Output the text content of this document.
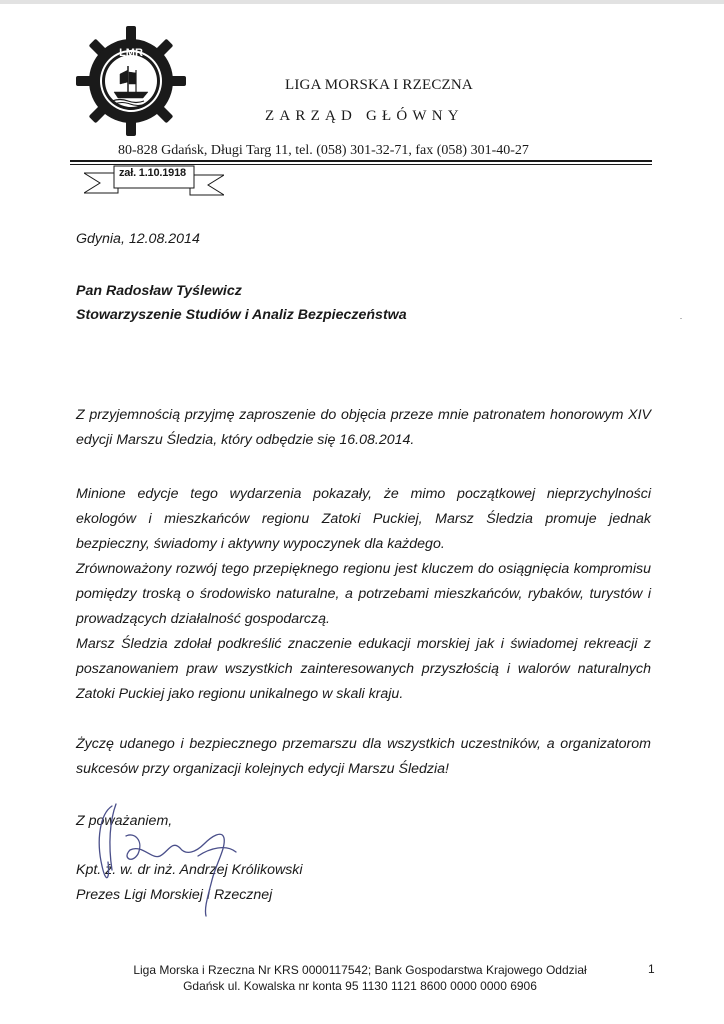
LMR
LIGA MORSKA I RZECZNA
ZARZĄD GŁÓWNY
80-828 Gdańsk, Długi Targ 11, tel. (058) 301-32-71, fax (058) 301-40-27
zał. 1.10.1918
Gdynia, 12.08.2014
Pan Radosław Tyślewicz
Stowarzyszenie Studiów i Analiz Bezpieczeństwa

Z przyjemnością przyjmę zaproszenie do objęcia przeze mnie patronatem honorowym XIV edycji Marszu Śledzia, który odbędzie się 16.08.2014.

Minione edycje tego wydarzenia pokazały, że mimo początkowej nieprzychylności ekologów i mieszkańców regionu Zatoki Puckiej, Marsz Śledzia promuje jednak bezpieczny, świadomy i aktywny wypoczynek dla każdego.

Zrównoważony rozwój tego przepięknego regionu jest kluczem do osiągnięcia kompromisu pomiędzy troską o środowisko naturalne, a potrzebami mieszkańców, rybaków, turystów i prowadzących działalność gospodarczą.

Marsz Śledzia zdołał podkreślić znaczenie edukacji morskiej jak i świadomej rekreacji z poszanowaniem praw wszystkich zainteresowanych przyszłością i walorów naturalnych Zatoki Puckiej jako regionu unikalnego w skali kraju.

Życzę udanego i bezpiecznego przemarszu dla wszystkich uczestników, a organizatorom sukcesów przy organizacji kolejnych edycji Marszu Śledzia!

Z poważaniem,
Kpt. ż. w. dr inż. Andrzej Królikowski
Prezes Ligi Morskiej i Rzecznej
Liga Morska i Rzeczna Nr KRS 0000117542; Bank Gospodarstwa Krajowego Oddział
Gdańsk ul. Kowalska nr konta 95 1130 1121 8600 0000 0000 6906
1
